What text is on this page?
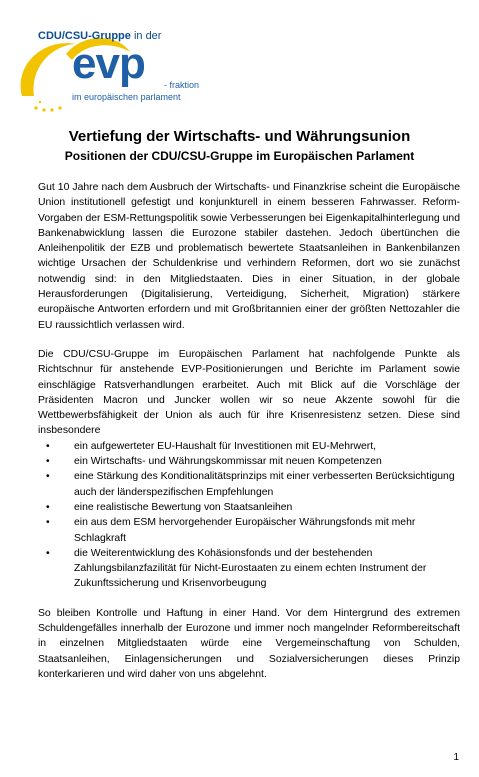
CDU/CSU-Gruppe in der
evp - fraktion
im europäischen parlament
Vertiefung der Wirtschafts- und Währungsunion
Positionen der CDU/CSU-Gruppe im Europäischen Parlament

Gut 10 Jahre nach dem Ausbruch der Wirtschafts- und Finanzkrise scheint die Europäische Union institutionell gefestigt und konjunkturell in einem besseren Fahrwasser. Reform-Vorgaben der ESM-Rettungspolitik sowie Verbesserungen bei Eigenkapitalhinterlegung und Bankenabwicklung lassen die Eurozone stabiler dastehen. Jedoch übertünchen die Anleihenpolitik der EZB und problematisch bewertete Staatsanleihen in Bankenbilanzen wichtige Ursachen der Schuldenkrise und verhindern Reformen, dort wo sie zunächst notwendig sind: in den Mitgliedstaaten. Dies in einer Situation, in der globale Herausforderungen (Digitalisierung, Verteidigung, Sicherheit, Migration) stärkere europäische Antworten erfordern und mit Großbritannien einer der größten Nettozahler die EU raussichtlich verlassen wird.

Die CDU/CSU-Gruppe im Europäischen Parlament hat nachfolgende Punkte als Richtschnur für anstehende EVP-Positionierungen und Berichte im Parlament sowie einschlägige Ratsverhandlungen erarbeitet. Auch mit Blick auf die Vorschläge der Präsidenten Macron und Juncker wollen wir so neue Akzente sowohl für die Wettbewerbsfähigkeit der Union als auch für ihre Krisenresistenz setzen. Diese sind insbesondere

• ein aufgewerteter EU-Haushalt für Investitionen mit EU-Mehrwert,
• ein Wirtschafts- und Währungskommissar mit neuen Kompetenzen
• eine Stärkung des Konditionalitätsprinzips mit einer verbesserten Berücksichtigung auch der länderspezifischen Empfehlungen
• eine realistische Bewertung von Staatsanleihen
• ein aus dem ESM hervorgehender Europäischer Währungsfonds mit mehr Schlagkraft
• die Weiterentwicklung des Kohäsionsfonds und der bestehenden Zahlungsbilanzfazilität für Nicht-Eurostaaten zu einem echten Instrument der Zukunftssicherung und Krisenvorbeugung

So bleiben Kontrolle und Haftung in einer Hand. Vor dem Hintergrund des extremen Schuldengefälles innerhalb der Eurozone und immer noch mangelnder Reformbereitschaft in einzelnen Mitgliedstaaten würde eine Vergemeinschaftung von Schulden, Staatsanleihen, Einlagensicherungen und Sozialversicherungen dieses Prinzip konterkarieren und wird daher von uns abgelehnt.

1
